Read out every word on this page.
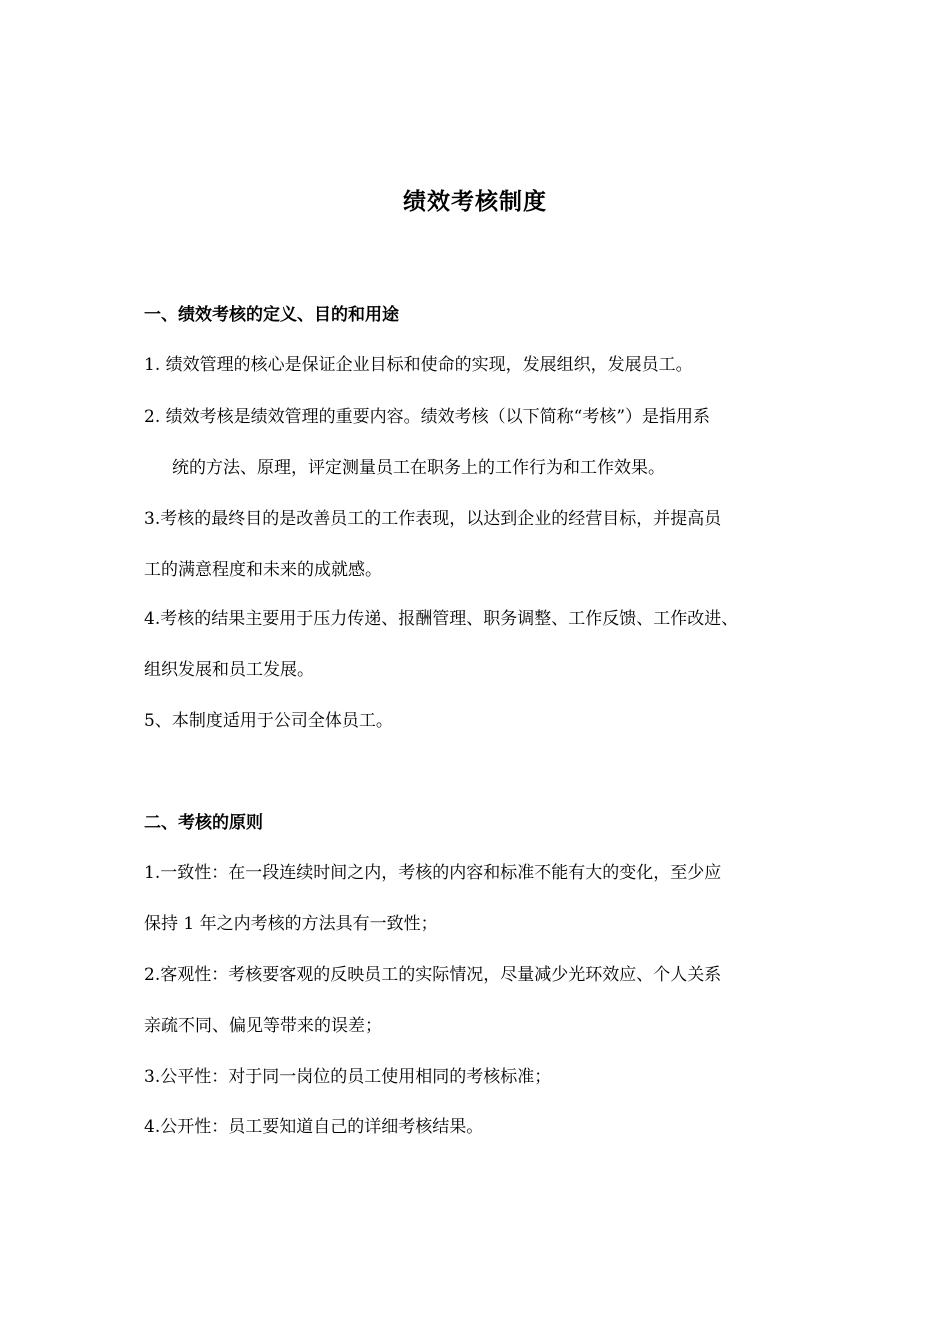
绩效考核制度
一、绩效考核的定义、目的和用途
1. 绩效管理的核心是保证企业目标和使命的实现，发展组织，发展员工。
2. 绩效考核是绩效管理的重要内容。绩效考核（以下简称“考核”）是指用系
统的方法、原理，评定测量员工在职务上的工作行为和工作效果。
3.考核的最终目的是改善员工的工作表现，以达到企业的经营目标，并提高员
工的满意程度和未来的成就感。
4.考核的结果主要用于压力传递、报酬管理、职务调整、工作反馈、工作改进、
组织发展和员工发展。
5、本制度适用于公司全体员工。
二、考核的原则
1.一致性：在一段连续时间之内，考核的内容和标准不能有大的变化，至少应
保持 1 年之内考核的方法具有一致性；
2.客观性：考核要客观的反映员工的实际情况，尽量减少光环效应、个人关系
亲疏不同、偏见等带来的误差；
3.公平性：对于同一岗位的员工使用相同的考核标准；
4.公开性：员工要知道自己的详细考核结果。
